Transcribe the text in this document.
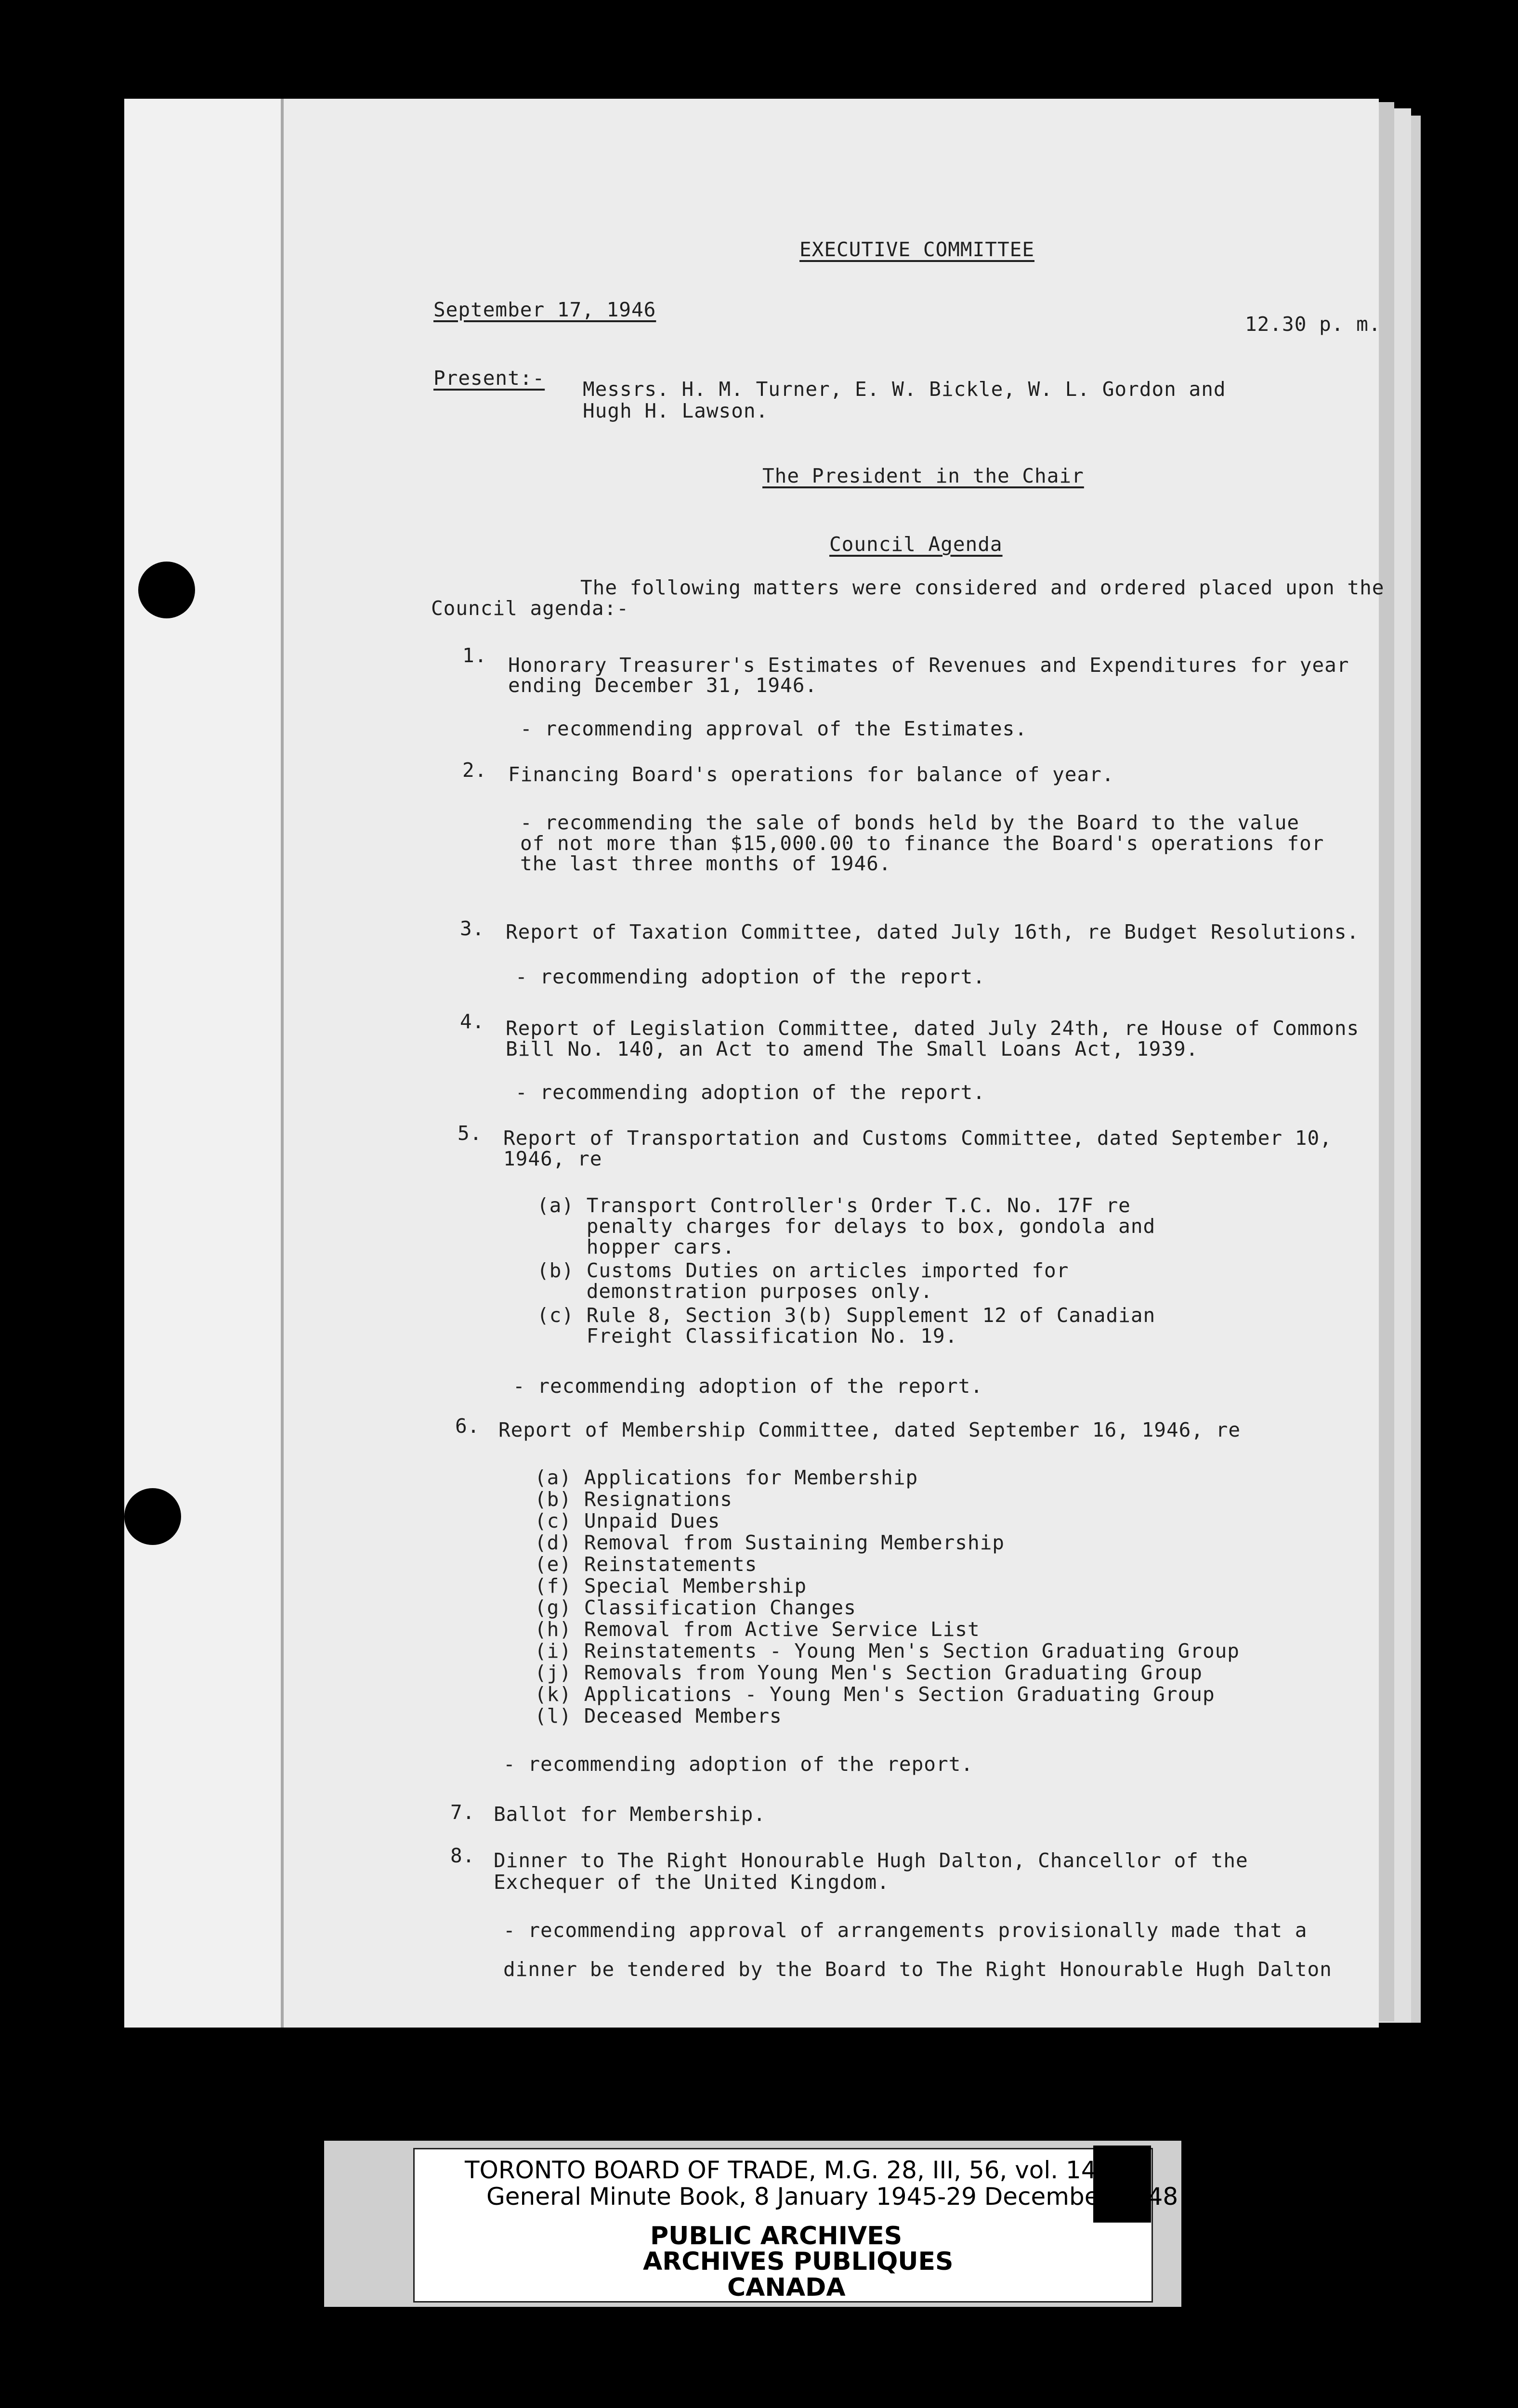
EXECUTIVE COMMITTEE
September 17, 1946
12.30 p. m.
Present:- Messrs. H. M. Turner, E. W. Bickle, W. L. Gordon and
Hugh H. Lawson.
The President in the Chair
Council Agenda
The following matters were considered and ordered placed upon the
Council agenda:-
1. Honorary Treasurer's Estimates of Revenues and Expenditures for year
ending December 31, 1946.
- recommending approval of the Estimates.
2. Financing Board's operations for balance of year.
- recommending the sale of bonds held by the Board to the value
of not more than $15,000.00 to finance the Board's operations for
the last three months of 1946.
3. Report of Taxation Committee, dated July 16th, re Budget Resolutions.
- recommending adoption of the report.
4. Report of Legislation Committee, dated July 24th, re House of Commons
Bill No. 140, an Act to amend The Small Loans Act, 1939.
- recommending adoption of the report.
5. Report of Transportation and Customs Committee, dated September 10,
1946, re
(a) Transport Controller's Order T.C. No. 17F re
penalty charges for delays to box, gondola and
hopper cars.
(b) Customs Duties on articles imported for
demonstration purposes only.
(c) Rule 8, Section 3(b) Supplement 12 of Canadian
Freight Classification No. 19.
- recommending adoption of the report.
6. Report of Membership Committee, dated September 16, 1946, re
(a) Applications for Membership
(b) Resignations
(c) Unpaid Dues
(d) Removal from Sustaining Membership
(e) Reinstatements
(f) Special Membership
(g) Classification Changes
(h) Removal from Active Service List
(i) Reinstatements - Young Men's Section Graduating Group
(j) Removals from Young Men's Section Graduating Group
(k) Applications - Young Men's Section Graduating Group
(l) Deceased Members
- recommending adoption of the report.
7. Ballot for Membership.
8. Dinner to The Right Honourable Hugh Dalton, Chancellor of the
Exchequer of the United Kingdom.
- recommending approval of arrangements provisionally made that a
dinner be tendered by the Board to The Right Honourable Hugh Dalton
TORONTO BOARD OF TRADE, M.G. 28, III, 56, vol. 149
General Minute Book, 8 January 1945-29 December 1948
PUBLIC ARCHIVES
ARCHIVES PUBLIQUES
CANADA
